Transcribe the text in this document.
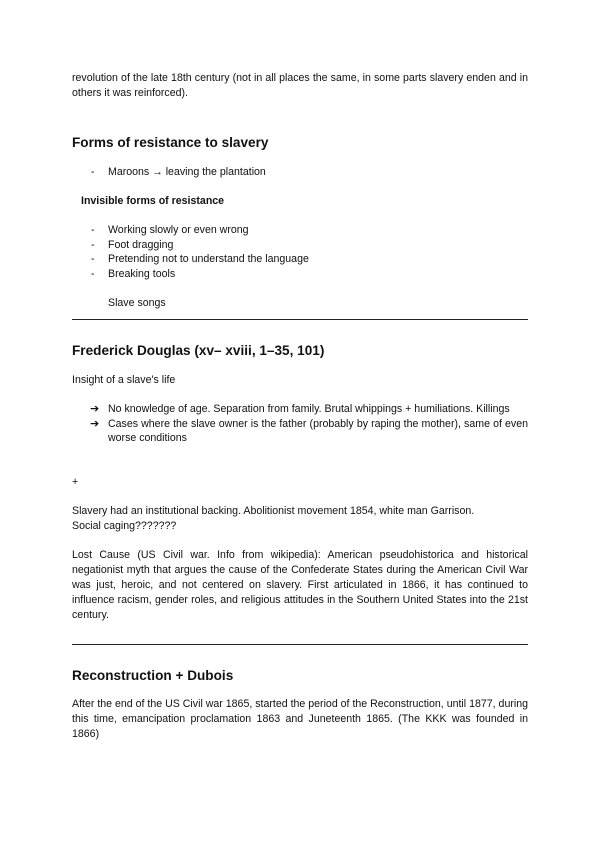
revolution of the late 18th century (not in all places the same, in some parts slavery enden and in others it was reinforced).

Forms of resistance to slavery
- Maroons → leaving the plantation
Invisible forms of resistance
- Working slowly or even wrong
- Foot dragging
- Pretending not to understand the language
- Breaking tools

Slave songs

Frederick Douglas (xv– xviii, 1–35, 101)

Insight of a slave's life

➔ No knowledge of age. Separation from family. Brutal whippings + humiliations. Killings
➔ Cases where the slave owner is the father (probably by raping the mother), same of even worse conditions

+

Slavery had an institutional backing. Abolitionist movement 1854, white man Garrison.

Social caging???????

Lost Cause (US Civil war. Info from wikipedia): American pseudohistorica and historical negationist myth that argues the cause of the Confederate States during the American Civil War was just, heroic, and not centered on slavery. First articulated in 1866, it has continued to influence racism, gender roles, and religious attitudes in the Southern United States into the 21st century.

Reconstruction + Dubois

After the end of the US Civil war 1865, started the period of the Reconstruction, until 1877, during this time, emancipation proclamation 1863 and Juneteenth 1865. (The KKK was founded in 1866)
